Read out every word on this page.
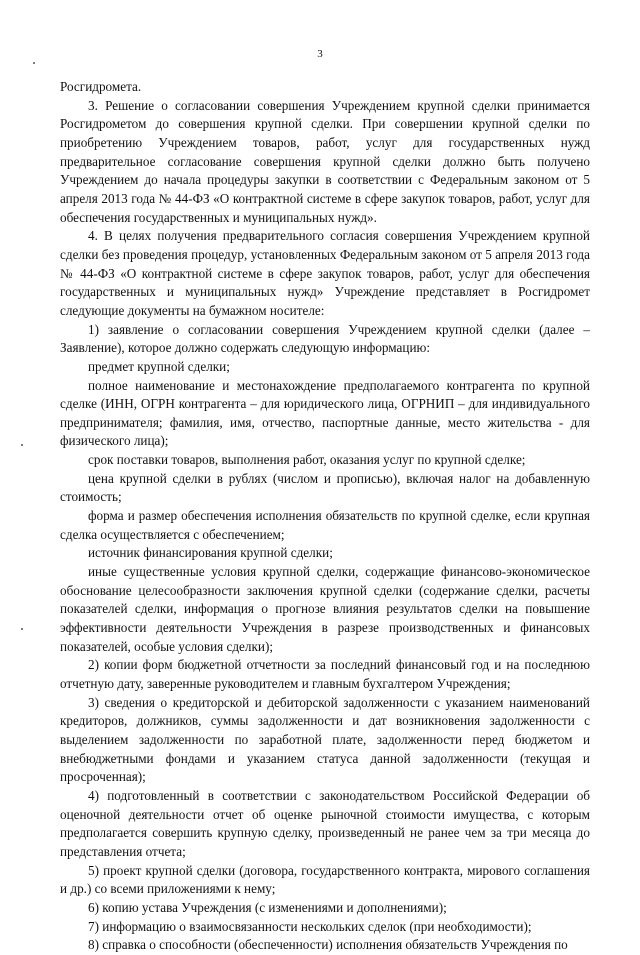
3

Росгидромета.

3. Решение о согласовании совершения Учреждением крупной сделки принимается Росгидрометом до совершения крупной сделки. При совершении крупной сделки по приобретению Учреждением товаров, работ, услуг для государственных нужд предварительное согласование совершения крупной сделки должно быть получено Учреждением до начала процедуры закупки в соответствии с Федеральным законом от 5 апреля 2013 года № 44-ФЗ «О контрактной системе в сфере закупок товаров, работ, услуг для обеспечения государственных и муниципальных нужд».

4. В целях получения предварительного согласия совершения Учреждением крупной сделки без проведения процедур, установленных Федеральным законом от 5 апреля 2013 года № 44-ФЗ «О контрактной системе в сфере закупок товаров, работ, услуг для обеспечения государственных и муниципальных нужд» Учреждение представляет в Росгидромет следующие документы на бумажном носителе:

1) заявление о согласовании совершения Учреждением крупной сделки (далее – Заявление), которое должно содержать следующую информацию:

предмет крупной сделки;

полное наименование и местонахождение предполагаемого контрагента по крупной сделке (ИНН, ОГРН контрагента – для юридического лица, ОГРНИП – для индивидуального предпринимателя; фамилия, имя, отчество, паспортные данные, место жительства - для физического лица);

срок поставки товаров, выполнения работ, оказания услуг по крупной сделке;

цена крупной сделки в рублях (числом и прописью), включая налог на добавленную стоимость;

форма и размер обеспечения исполнения обязательств по крупной сделке, если крупная сделка осуществляется с обеспечением;

источник финансирования крупной сделки;

иные существенные условия крупной сделки, содержащие финансово-экономическое обоснование целесообразности заключения крупной сделки (содержание сделки, расчеты показателей сделки, информация о прогнозе влияния результатов сделки на повышение эффективности деятельности Учреждения в разрезе производственных и финансовых показателей, особые условия сделки);

2) копии форм бюджетной отчетности за последний финансовый год и на последнюю отчетную дату, заверенные руководителем и главным бухгалтером Учреждения;

3) сведения о кредиторской и дебиторской задолженности с указанием наименований кредиторов, должников, суммы задолженности и дат возникновения задолженности с выделением задолженности по заработной плате, задолженности перед бюджетом и внебюджетными фондами и указанием статуса данной задолженности (текущая и просроченная);

4) подготовленный в соответствии с законодательством Российской Федерации об оценочной деятельности отчет об оценке рыночной стоимости имущества, с которым предполагается совершить крупную сделку, произведенный не ранее чем за три месяца до представления отчета;

5) проект крупной сделки (договора, государственного контракта, мирового соглашения и др.) со всеми приложениями к нему;

6) копию устава Учреждения (с изменениями и дополнениями);

7) информацию о взаимосвязанности нескольких сделок (при необходимости);

8) справка о способности (обеспеченности) исполнения обязательств Учреждения по
